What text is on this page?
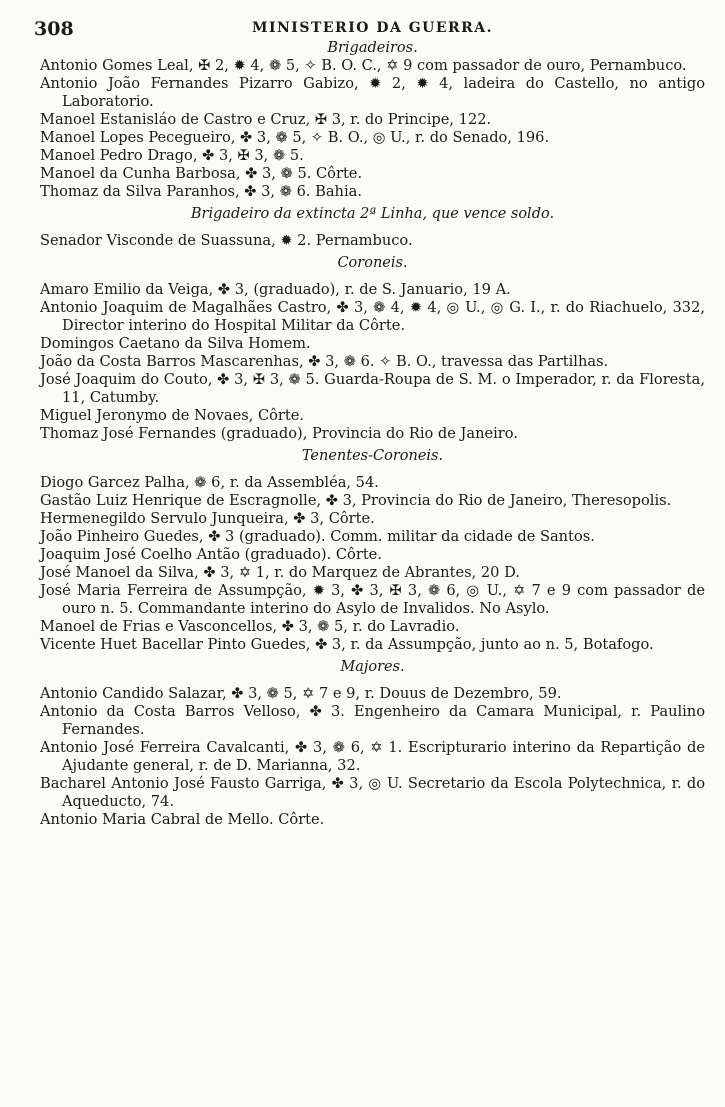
308	MINISTERIO DA GUERRA.
Brigadeiros.
Antonio Gomes Leal, ✠ 2, ✹ 4, ❁ 5, ✧ B. O. C., ✡ 9 com passador de ouro, Pernambuco.
Antonio João Fernandes Pizarro Gabizo, ✹ 2, ✹ 4, ladeira do Castello, no antigo Laboratorio.
Manoel Estanisláo de Castro e Cruz, ✠ 3, r. do Principe, 122.
Manoel Lopes Pecegueiro, ✤ 3, ❁ 5, ✧ B. O., ◎ U., r. do Senado, 196.
Manoel Pedro Drago, ✤ 3, ✠ 3, ❁ 5.
Manoel da Cunha Barbosa, ✤ 3, ❁ 5. Côrte.
Thomaz da Silva Paranhos, ✤ 3, ❁ 6. Bahia.
Brigadeiro da extincta 2ª Linha, que vence soldo.
Senador Visconde de Suassuna, ✹ 2. Pernambuco.
Coroneis.
Amaro Emilio da Veiga, ✤ 3, (graduado), r. de S. Januario, 19 A.
Antonio Joaquim de Magalhães Castro, ✤ 3, ❁ 4, ✹ 4, ◎ U., ◎ G. I., r. do Riachuelo, 332, Director interino do Hospital Militar da Côrte.
Domingos Caetano da Silva Homem.
João da Costa Barros Mascarenhas, ✤ 3, ❁ 6. ✧ B. O., travessa das Partilhas.
José Joaquim do Couto, ✤ 3, ✠ 3, ❁ 5. Guarda-Roupa de S. M. o Imperador, r. da Floresta, 11, Catumby.
Miguel Jeronymo de Novaes, Côrte.
Thomaz José Fernandes (graduado), Provincia do Rio de Janeiro.
Tenentes-Coroneis.
Diogo Garcez Palha, ❁ 6, r. da Assembléa, 54.
Gastão Luiz Henrique de Escragnolle, ✤ 3, Provincia do Rio de Janeiro, Theresopolis.
Hermenegildo Servulo Junqueira, ✤ 3, Côrte.
João Pinheiro Guedes, ✤ 3 (graduado). Comm. militar da cidade de Santos.
Joaquim José Coelho Antão (graduado). Côrte.
José Manoel da Silva, ✤ 3, ✡ 1, r. do Marquez de Abrantes, 20 D.
José Maria Ferreira de Assumpção, ✹ 3, ✤ 3, ✠ 3, ❁ 6, ◎ U., ✡ 7 e 9 com passador de ouro n. 5. Commandante interino do Asylo de Invalidos. No Asylo.
Manoel de Frias e Vasconcellos, ✤ 3, ❁ 5, r. do Lavradio.
Vicente Huet Bacellar Pinto Guedes, ✤ 3, r. da Assumpção, junto ao n. 5, Botafogo.
Majores.
Antonio Candido Salazar, ✤ 3, ❁ 5, ✡ 7 e 9, r. Douus de Dezembro, 59.
Antonio da Costa Barros Velloso, ✤ 3. Engenheiro da Camara Municipal, r. Paulino Fernandes.
Antonio José Ferreira Cavalcanti, ✤ 3, ❁ 6, ✡ 1. Escripturario interino da Repartição de Ajudante general, r. de D. Marianna, 32.
Bacharel Antonio José Fausto Garriga, ✤ 3, ◎ U. Secretario da Escola Polytechnica, r. do Aqueducto, 74.
Antonio Maria Cabral de Mello. Côrte.
